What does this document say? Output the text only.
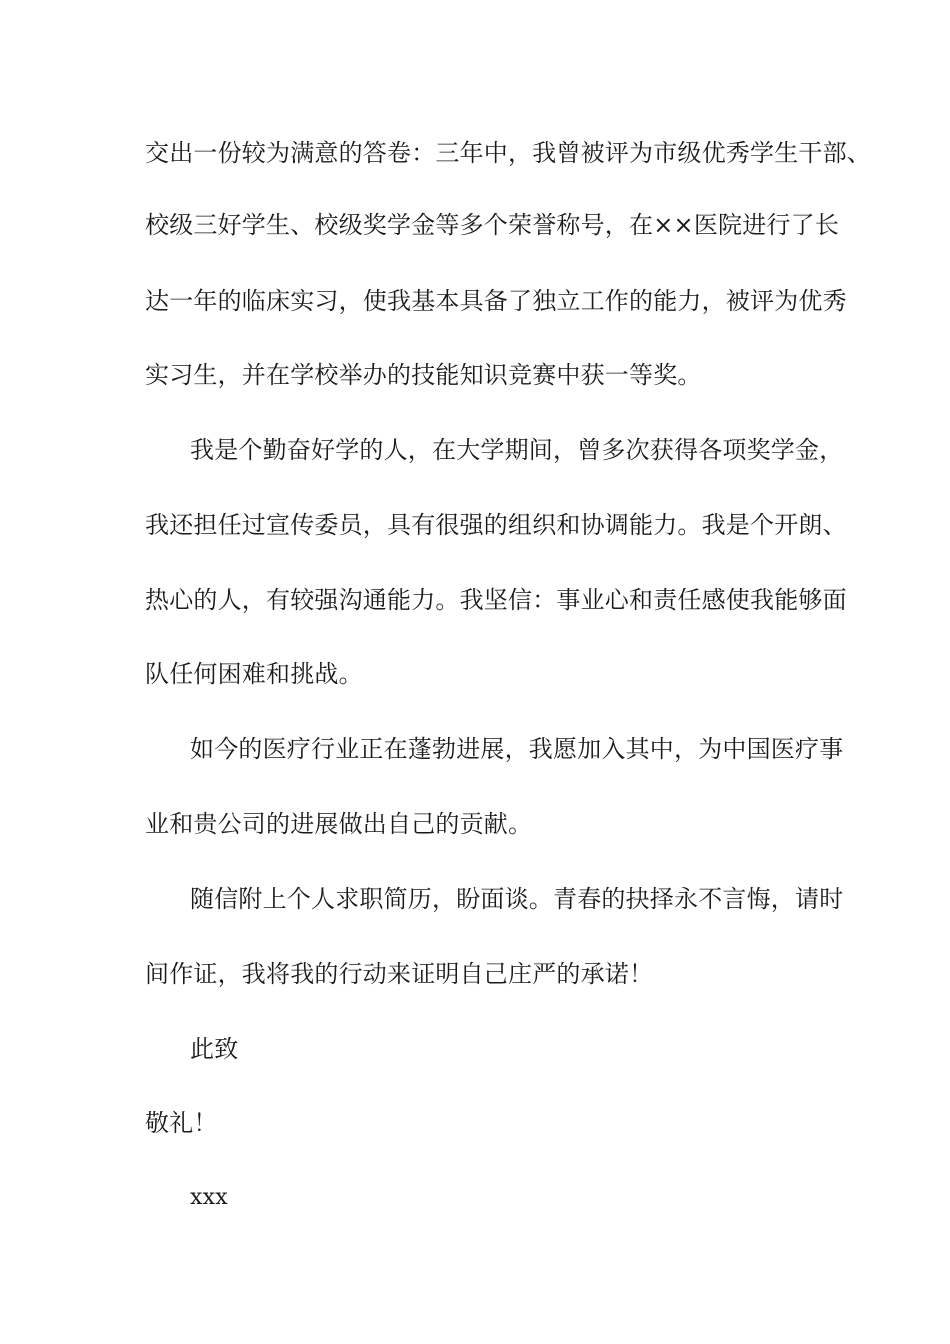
交出一份较为满意的答卷：三年中，我曾被评为市级优秀学生干部、
校级三好学生、校级奖学金等多个荣誉称号，在××医院进行了长
达一年的临床实习，使我基本具备了独立工作的能力，被评为优秀
实习生，并在学校举办的技能知识竞赛中获一等奖。
我是个勤奋好学的人，在大学期间，曾多次获得各项奖学金，
我还担任过宣传委员，具有很强的组织和协调能力。我是个开朗、
热心的人，有较强沟通能力。我坚信：事业心和责任感使我能够面
队任何困难和挑战。
如今的医疗行业正在蓬勃进展，我愿加入其中，为中国医疗事
业和贵公司的进展做出自己的贡献。
随信附上个人求职简历，盼面谈。青春的抉择永不言悔，请时
间作证，我将我的行动来证明自己庄严的承诺！
此致
敬礼！
xxx
